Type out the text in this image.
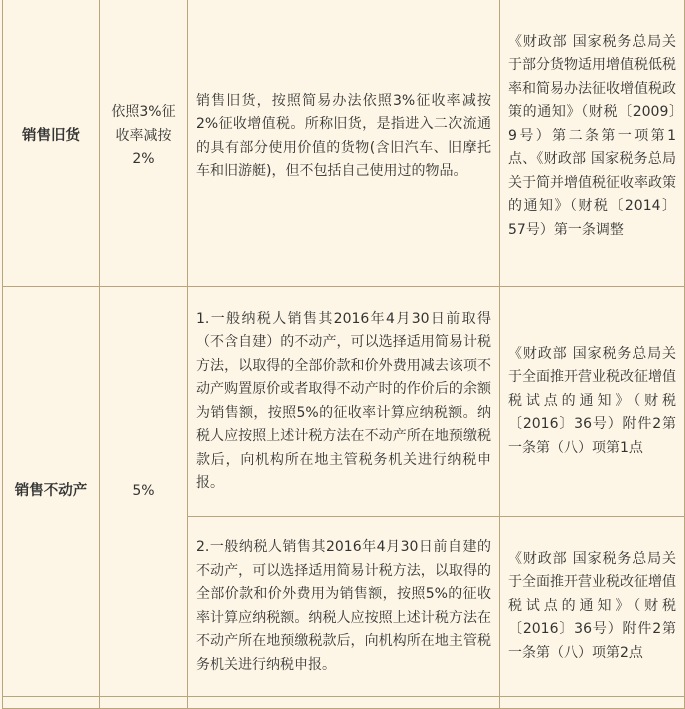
销售旧货	依照3%征收率减按2%	销售旧货，按照简易办法依照3%征收率减按2%征收增值税。所称旧货，是指进入二次流通的具有部分使用价值的货物(含旧汽车、旧摩托车和旧游艇)，但不包括自己使用过的物品。	《财政部 国家税务总局关于部分货物适用增值税低税率和简易办法征收增值税政策的通知》（财税〔2009〕9号）第二条第一项第1点、《财政部 国家税务总局关于简并增值税征收率政策的通知》（财税〔2014〕57号）第一条调整
销售不动产	5%	1.一般纳税人销售其2016年4月30日前取得（不含自建）的不动产，可以选择适用简易计税方法，以取得的全部价款和价外费用减去该项不动产购置原价或者取得不动产时的作价后的余额为销售额，按照5%的征收率计算应纳税额。纳税人应按照上述计税方法在不动产所在地预缴税款后，向机构所在地主管税务机关进行纳税申报。	《财政部 国家税务总局关于全面推开营业税改征增值税试点的通知》（财税〔2016〕36号）附件2第一条第（八）项第1点
		2.一般纳税人销售其2016年4月30日前自建的不动产，可以选择适用简易计税方法，以取得的全部价款和价外费用为销售额，按照5%的征收率计算应纳税额。纳税人应按照上述计税方法在不动产所在地预缴税款后，向机构所在地主管税务机关进行纳税申报。	《财政部 国家税务总局关于全面推开营业税改征增值税试点的通知》（财税〔2016〕36号）附件2第一条第（八）项第2点
